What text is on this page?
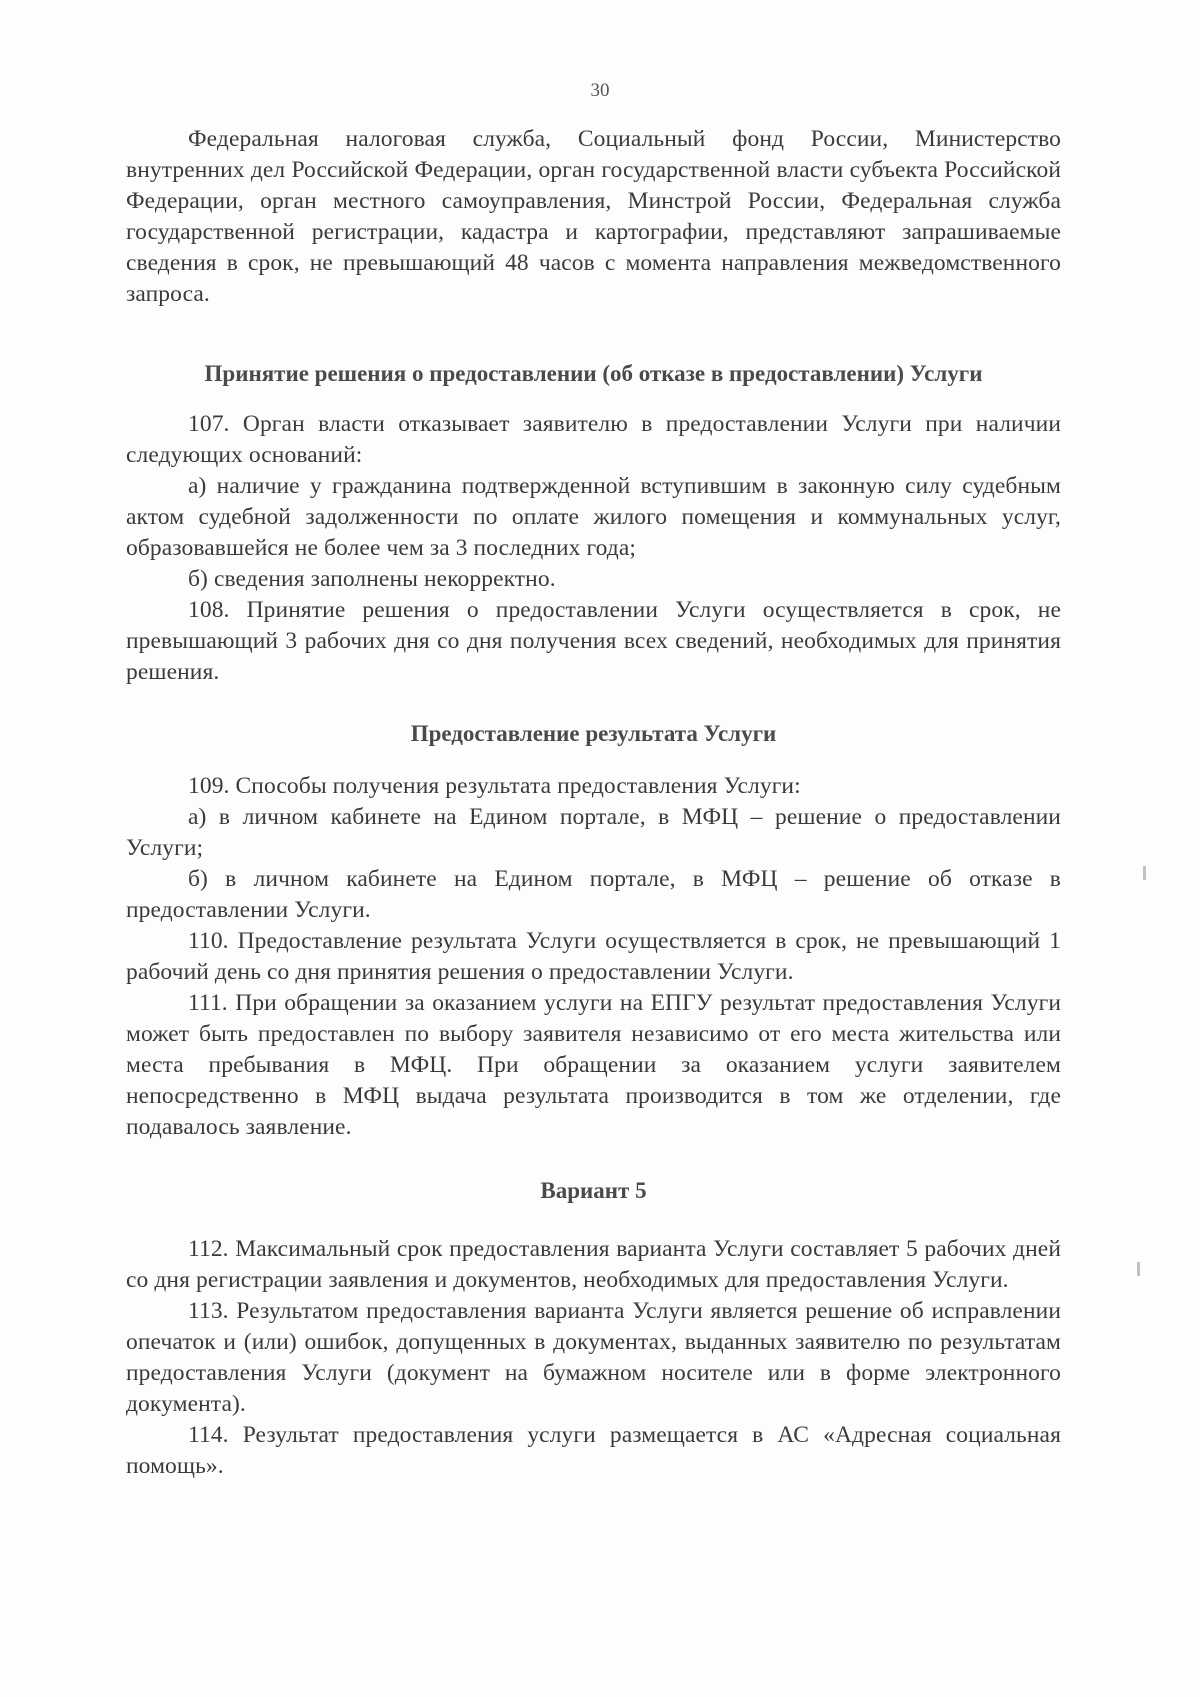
30

Федеральная налоговая служба, Социальный фонд России, Министерство внутренних дел Российской Федерации, орган государственной власти субъекта Российской Федерации, орган местного самоуправления, Минстрой России, Федеральная служба государственной регистрации, кадастра и картографии, представляют запрашиваемые сведения в срок, не превышающий 48 часов с момента направления межведомственного запроса.

Принятие решения о предоставлении (об отказе в предоставлении) Услуги

107. Орган власти отказывает заявителю в предоставлении Услуги при наличии следующих оснований:

а) наличие у гражданина подтвержденной вступившим в законную силу судебным актом судебной задолженности по оплате жилого помещения и коммунальных услуг, образовавшейся не более чем за 3 последних года;

б) сведения заполнены некорректно.

108. Принятие решения о предоставлении Услуги осуществляется в срок, не превышающий 3 рабочих дня со дня получения всех сведений, необходимых для принятия решения.

Предоставление результата Услуги

109. Способы получения результата предоставления Услуги:

а) в личном кабинете на Едином портале, в МФЦ – решение о предоставлении Услуги;

б) в личном кабинете на Едином портале, в МФЦ – решение об отказе в предоставлении Услуги.

110. Предоставление результата Услуги осуществляется в срок, не превышающий 1 рабочий день со дня принятия решения о предоставлении Услуги.

111. При обращении за оказанием услуги на ЕПГУ результат предоставления Услуги может быть предоставлен по выбору заявителя независимо от его места жительства или места пребывания в МФЦ. При обращении за оказанием услуги заявителем непосредственно в МФЦ выдача результата производится в том же отделении, где подавалось заявление.

Вариант 5

112. Максимальный срок предоставления варианта Услуги составляет 5 рабочих дней со дня регистрации заявления и документов, необходимых для предоставления Услуги.

113. Результатом предоставления варианта Услуги является решение об исправлении опечаток и (или) ошибок, допущенных в документах, выданных заявителю по результатам предоставления Услуги (документ на бумажном носителе или в форме электронного документа).

114. Результат предоставления услуги размещается в АС «Адресная социальная помощь».
